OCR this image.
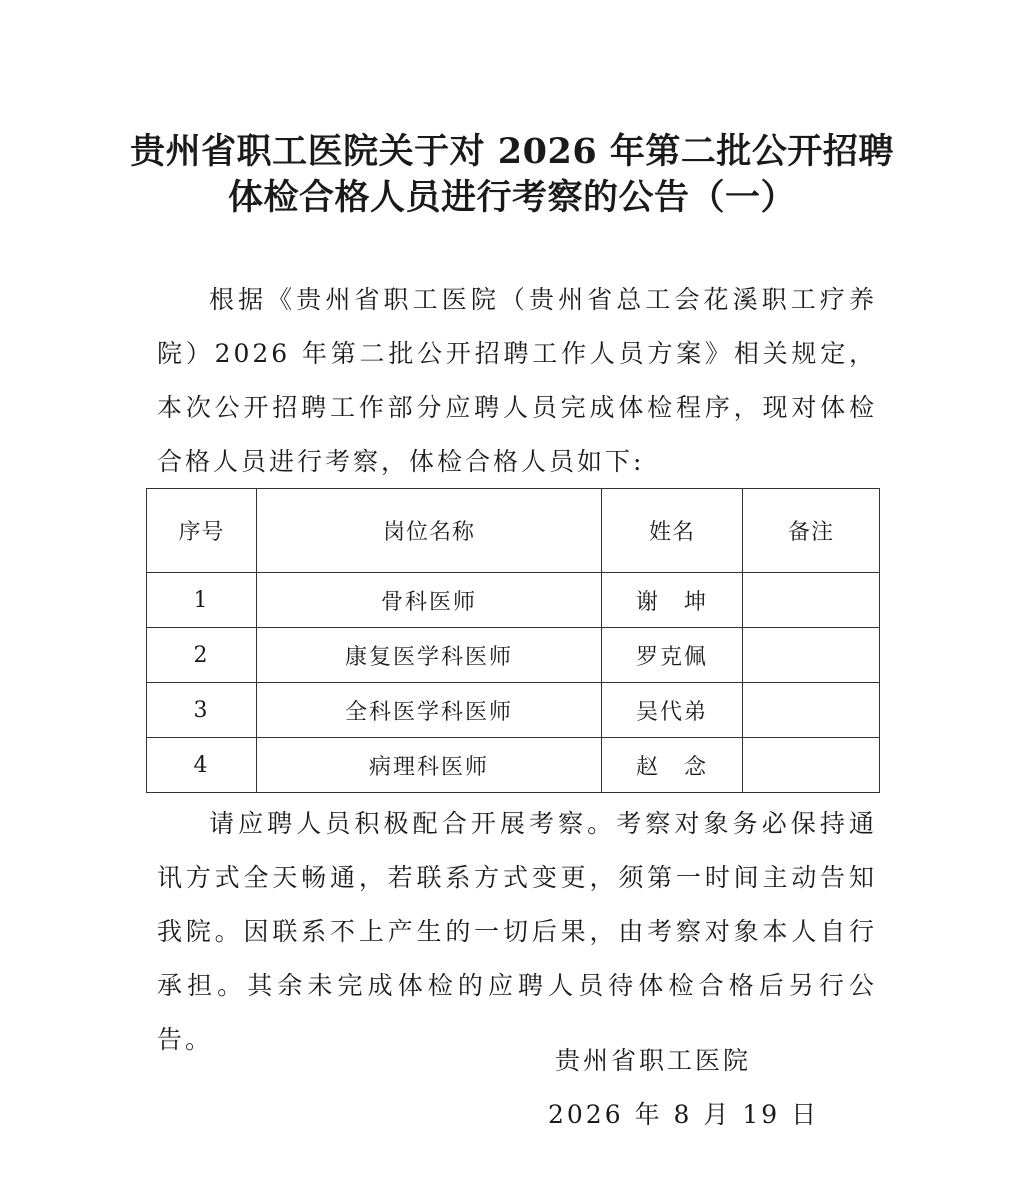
贵州省职工医院关于对 2026 年第二批公开招聘
体检合格人员进行考察的公告（一）

根据《贵州省职工医院（贵州省总工会花溪职工疗养院）2026 年第二批公开招聘工作人员方案》相关规定，本次公开招聘工作部分应聘人员完成体检程序，现对体检合格人员进行考察，体检合格人员如下:

序号	岗位名称	姓名	备注
1	骨科医师	谢　坤	
2	康复医学科医师	罗克佩	
3	全科医学科医师	吴代弟	
4	病理科医师	赵　念	

请应聘人员积极配合开展考察。考察对象务必保持通讯方式全天畅通，若联系方式变更，须第一时间主动告知我院。因联系不上产生的一切后果，由考察对象本人自行承担。其余未完成体检的应聘人员待体检合格后另行公告。

贵州省职工医院

2026 年 8 月 19 日
